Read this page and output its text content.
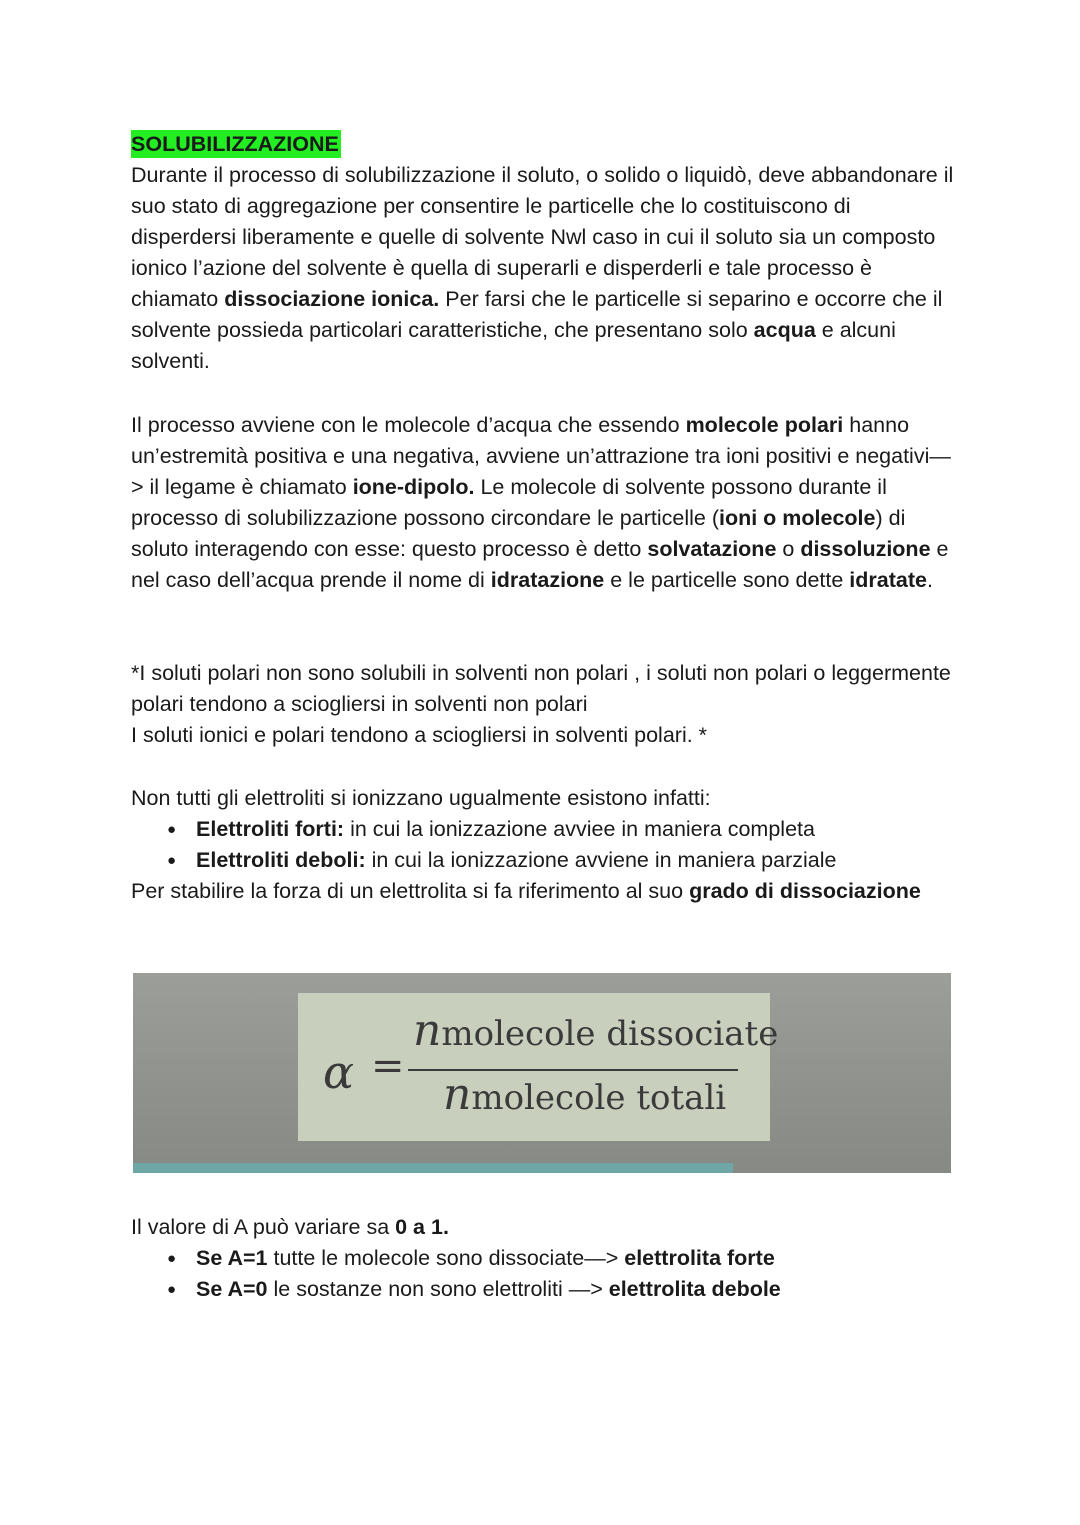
SOLUBILIZZAZIONE

Durante il processo di solubilizzazione il soluto, o solido o liquidò, deve abbandonare il suo stato di aggregazione per consentire le particelle che lo costituiscono di disperdersi liberamente e quelle di solvente Nwl caso in cui il soluto sia un composto ionico l’azione del solvente è quella di superarli e disperderli e tale processo è chiamato dissociazione ionica. Per farsi che le particelle si separino e occorre che il solvente possieda particolari caratteristiche, che presentano solo acqua e alcuni solventi.

Il processo avviene con le molecole d’acqua che essendo molecole polari hanno un’estremità positiva e una negativa, avviene un’attrazione tra ioni positivi e negativi—> il legame è chiamato ione-dipolo. Le molecole di solvente possono durante il processo di solubilizzazione possono circondare le particelle (ioni o molecole) di soluto interagendo con esse: questo processo è detto solvatazione o dissoluzione e nel caso dell’acqua prende il nome di idratazione e le particelle sono dette idratate.

*I soluti polari non sono solubili in solventi non polari , i soluti non polari o leggermente polari tendono a sciogliersi in solventi non polari

I soluti ionici e polari tendono a sciogliersi in solventi polari. *

Non tutti gli elettroliti si ionizzano ugualmente esistono infatti:

● Elettroliti forti: in cui la ionizzazione avviee in maniera completa
● Elettroliti deboli: in cui la ionizzazione avviene in maniera parziale

Per stabilire la forza di un elettrolita si fa riferimento al suo grado di dissociazione

α =
nmolecole dissociate
nmolecole totali

Il valore di A può variare sa 0 a 1.

● Se A=1 tutte le molecole sono dissociate—> elettrolita forte
● Se A=0 le sostanze non sono elettroliti —> elettrolita debole
